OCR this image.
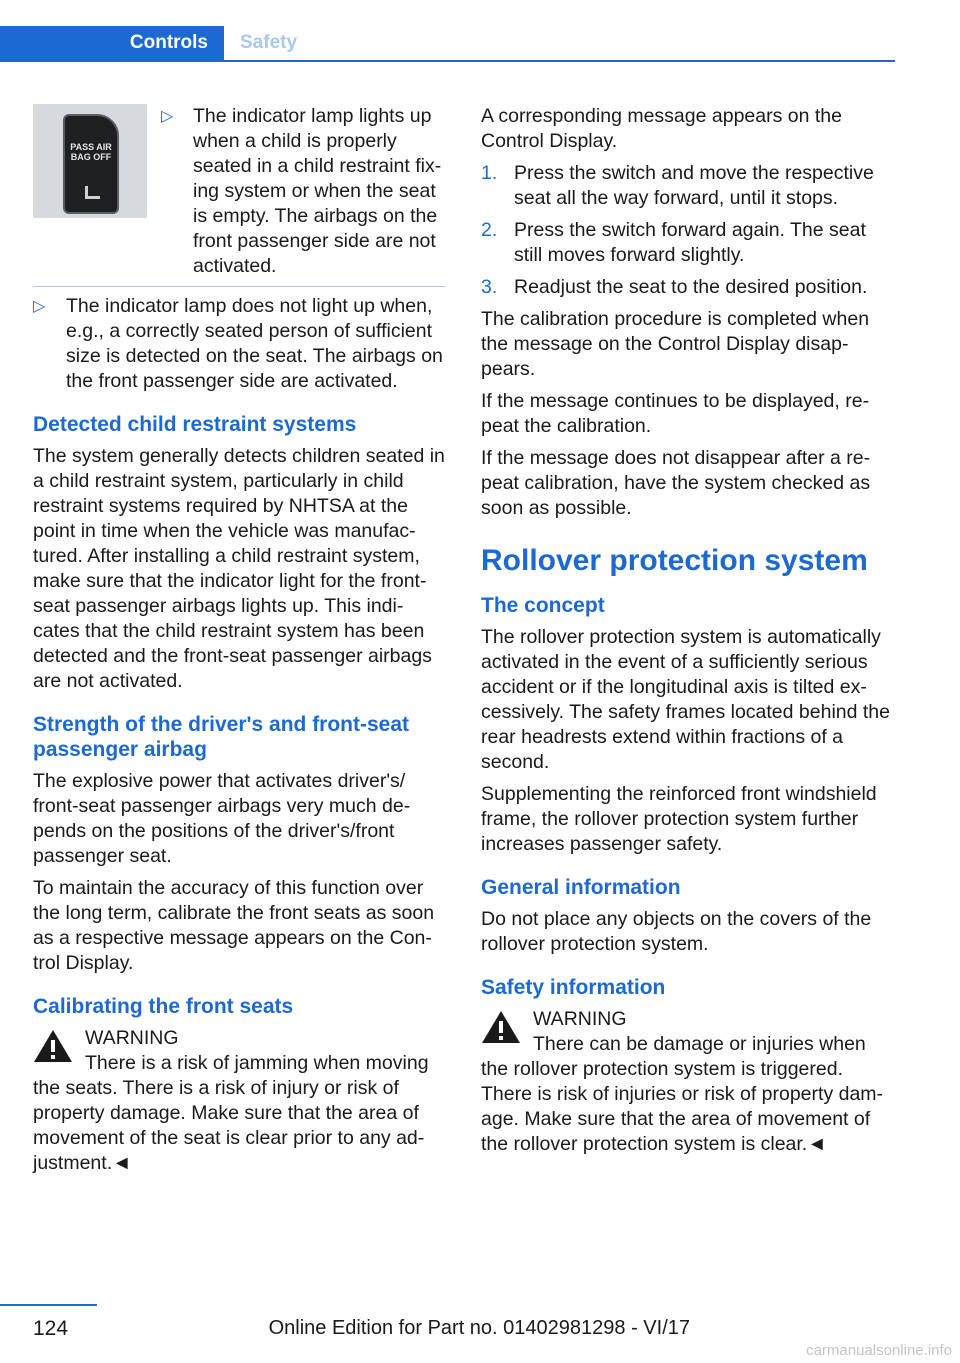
Controls	Safety
PASS AIR BAG OFF
▷	The indicator lamp lights up when a child is properly seated in a child restraint fix‐ing system or when the seat is empty. The airbags on the front passenger side are not activated.
▷	The indicator lamp does not light up when, e.g., a correctly seated person of sufficient size is detected on the seat. The airbags on the front passenger side are activated.
Detected child restraint systems

The system generally detects children seated in a child restraint system, particularly in child restraint systems required by NHTSA at the point in time when the vehicle was manufac‐tured. After installing a child restraint system, make sure that the indicator light for the front-seat passenger airbags lights up. This indi‐cates that the child restraint system has been detected and the front-seat passenger airbags are not activated.

Strength of the driver's and front-seat passenger airbag

The explosive power that activates driver's/ front-seat passenger airbags very much de‐pends on the positions of the driver's/front passenger seat.

To maintain the accuracy of this function over the long term, calibrate the front seats as soon as a respective message appears on the Con‐trol Display.

Calibrating the front seats
WARNING
There is a risk of jamming when moving
the seats. There is a risk of injury or risk of property damage. Make sure that the area of movement of the seat is clear prior to any ad‐justment.◄

A corresponding message appears on the Control Display.

1. Press the switch and move the respective seat all the way forward, until it stops.
2. Press the switch forward again. The seat still moves forward slightly.
3. Readjust the seat to the desired position.

The calibration procedure is completed when the message on the Control Display disap‐pears.

If the message continues to be displayed, re‐peat the calibration.

If the message does not disappear after a re‐peat calibration, have the system checked as soon as possible.

Rollover protection system
The concept

The rollover protection system is automatically activated in the event of a sufficiently serious accident or if the longitudinal axis is tilted ex‐cessively. The safety frames located behind the rear headrests extend within fractions of a second.

Supplementing the reinforced front windshield frame, the rollover protection system further increases passenger safety.

General information

Do not place any objects on the covers of the rollover protection system.

Safety information
WARNING
There can be damage or injuries when
the rollover protection system is triggered. There is risk of injuries or risk of property dam‐age. Make sure that the area of movement of the rollover protection system is clear.◄
124	Online Edition for Part no. 01402981298 - VI/17
carmanualsonline.info
